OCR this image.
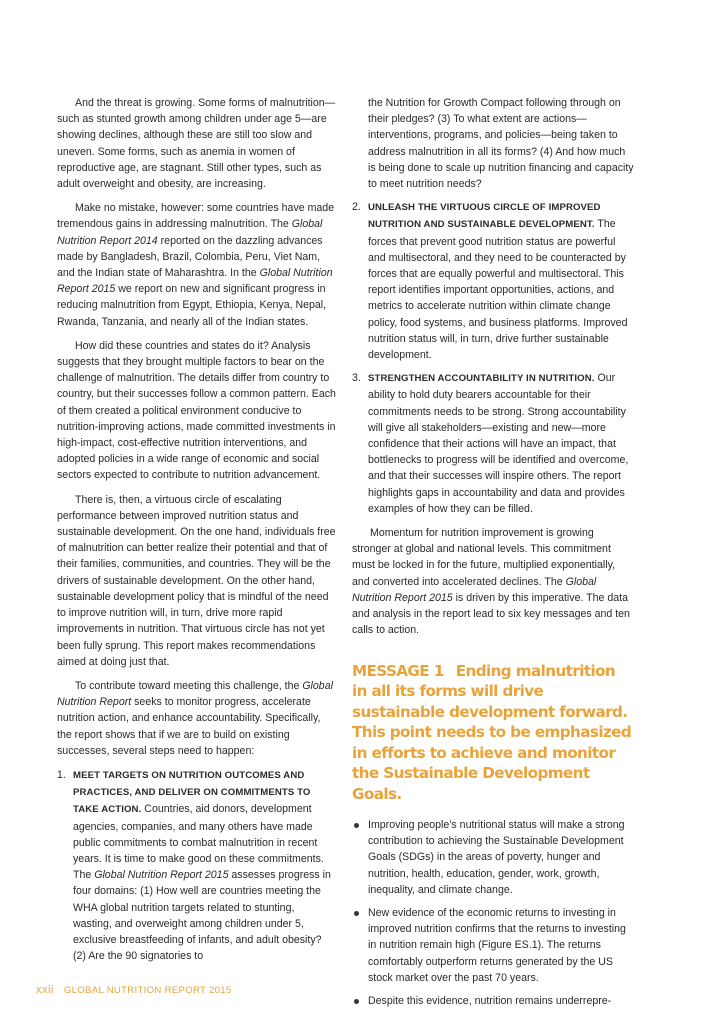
And the threat is growing. Some forms of malnutrition—such as stunted growth among children under age 5—are showing declines, although these are still too slow and uneven. Some forms, such as anemia in women of reproductive age, are stagnant. Still other types, such as adult overweight and obesity, are increasing.

Make no mistake, however: some countries have made tremendous gains in addressing malnutrition. The Global Nutrition Report 2014 reported on the dazzling advances made by Bangladesh, Brazil, Colombia, Peru, Viet Nam, and the Indian state of Maharashtra. In the Global Nutrition Report 2015 we report on new and significant progress in reducing malnutrition from Egypt, Ethiopia, Kenya, Nepal, Rwanda, Tanzania, and nearly all of the Indian states.

How did these countries and states do it? Analysis suggests that they brought multiple factors to bear on the challenge of malnutrition. The details differ from country to country, but their successes follow a common pattern. Each of them created a political environment conducive to nutrition-improving actions, made committed investments in high-impact, cost-effective nutrition interventions, and adopted policies in a wide range of economic and social sectors expected to contribute to nutrition advancement.

There is, then, a virtuous circle of escalating performance between improved nutrition status and sustainable development. On the one hand, individuals free of malnutrition can better realize their potential and that of their families, communities, and countries. They will be the drivers of sustainable development. On the other hand, sustainable development policy that is mindful of the need to improve nutrition will, in turn, drive more rapid improvements in nutrition. That virtuous circle has not yet been fully sprung. This report makes recommendations aimed at doing just that.

To contribute toward meeting this challenge, the Global Nutrition Report seeks to monitor progress, accelerate nutrition action, and enhance accountability. Specifically, the report shows that if we are to build on existing successes, several steps need to happen:

1. MEET TARGETS ON NUTRITION OUTCOMES AND PRACTICES, AND DELIVER ON COMMITMENTS TO TAKE ACTION. Countries, aid donors, development agencies, companies, and many others have made public commitments to combat malnutrition in recent years. It is time to make good on these commitments. The Global Nutrition Report 2015 assesses progress in four domains: (1) How well are countries meeting the WHA global nutrition targets related to stunting, wasting, and overweight among children under 5, exclusive breastfeeding of infants, and adult obesity? (2) Are the 90 signatories to
the Nutrition for Growth Compact following through on their pledges? (3) To what extent are actions—interventions, programs, and policies—being taken to address malnutrition in all its forms? (4) And how much is being done to scale up nutrition financing and capacity to meet nutrition needs?
2. UNLEASH THE VIRTUOUS CIRCLE OF IMPROVED NUTRITION AND SUSTAINABLE DEVELOPMENT. The forces that prevent good nutrition status are powerful and multisectoral, and they need to be counteracted by forces that are equally powerful and multisectoral. This report identifies important opportunities, actions, and metrics to accelerate nutrition within climate change policy, food systems, and business platforms. Improved nutrition status will, in turn, drive further sustainable development.
3. STRENGTHEN ACCOUNTABILITY IN NUTRITION. Our ability to hold duty bearers accountable for their commitments needs to be strong. Strong accountability will give all stakeholders—existing and new—more confidence that their actions will have an impact, that bottlenecks to progress will be identified and overcome, and that their successes will inspire others. The report highlights gaps in accountability and data and provides examples of how they can be filled.

Momentum for nutrition improvement is growing stronger at global and national levels. This commitment must be locked in for the future, multiplied exponentially, and converted into accelerated declines. The Global Nutrition Report 2015 is driven by this imperative. The data and analysis in the report lead to six key messages and ten calls to action.

MESSAGE 1 Ending malnutrition in all its forms will drive sustainable development forward. This point needs to be emphasized in efforts to achieve and monitor the Sustainable Development Goals.
Improving people’s nutritional status will make a strong contribution to achieving the Sustainable Development Goals (SDGs) in the areas of poverty, hunger and nutrition, health, education, gender, work, growth, inequality, and climate change.
New evidence of the economic returns to investing in improved nutrition confirms that the returns to investing in nutrition remain high (Figure ES.1). The returns comfortably outperform returns generated by the US stock market over the past 70 years.
Despite this evidence, nutrition remains underrepre-
xxii GLOBAL NUTRITION REPORT 2015
